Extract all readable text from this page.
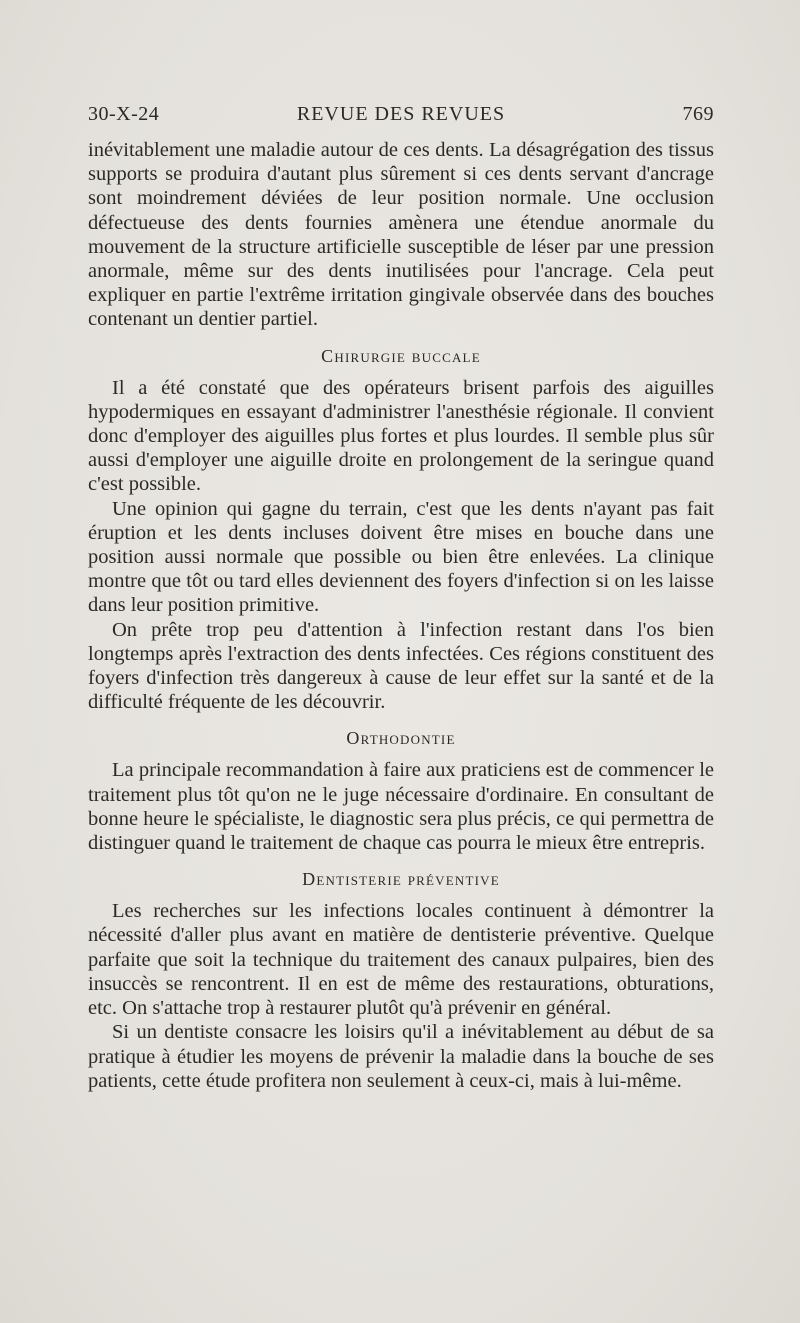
30-X-24	REVUE DES REVUES	769

inévitablement une maladie autour de ces dents. La désagrégation des tissus supports se produira d'autant plus sûrement si ces dents servant d'ancrage sont moindrement déviées de leur position normale. Une occlusion défectueuse des dents fournies amènera une étendue anormale du mouvement de la structure artificielle susceptible de léser par une pression anormale, même sur des dents inutilisées pour l'ancrage. Cela peut expliquer en partie l'extrême irritation gingivale observée dans des bouches contenant un dentier partiel.

Chirurgie buccale

Il a été constaté que des opérateurs brisent parfois des aiguilles hypodermiques en essayant d'administrer l'anesthésie régionale. Il convient donc d'employer des aiguilles plus fortes et plus lourdes. Il semble plus sûr aussi d'employer une aiguille droite en prolongement de la seringue quand c'est possible.

Une opinion qui gagne du terrain, c'est que les dents n'ayant pas fait éruption et les dents incluses doivent être mises en bouche dans une position aussi normale que possible ou bien être enlevées. La clinique montre que tôt ou tard elles deviennent des foyers d'infection si on les laisse dans leur position primitive.

On prête trop peu d'attention à l'infection restant dans l'os bien longtemps après l'extraction des dents infectées. Ces régions constituent des foyers d'infection très dangereux à cause de leur effet sur la santé et de la difficulté fréquente de les découvrir.

Orthodontie

La principale recommandation à faire aux praticiens est de commencer le traitement plus tôt qu'on ne le juge nécessaire d'ordinaire. En consultant de bonne heure le spécialiste, le diagnostic sera plus précis, ce qui permettra de distinguer quand le traitement de chaque cas pourra le mieux être entrepris.

Dentisterie préventive

Les recherches sur les infections locales continuent à démontrer la nécessité d'aller plus avant en matière de dentisterie préventive. Quelque parfaite que soit la technique du traitement des canaux pulpaires, bien des insuccès se rencontrent. Il en est de même des restaurations, obturations, etc. On s'attache trop à restaurer plutôt qu'à prévenir en général.

Si un dentiste consacre les loisirs qu'il a inévitablement au début de sa pratique à étudier les moyens de prévenir la maladie dans la bouche de ses patients, cette étude profitera non seulement à ceux-ci, mais à lui-même.
